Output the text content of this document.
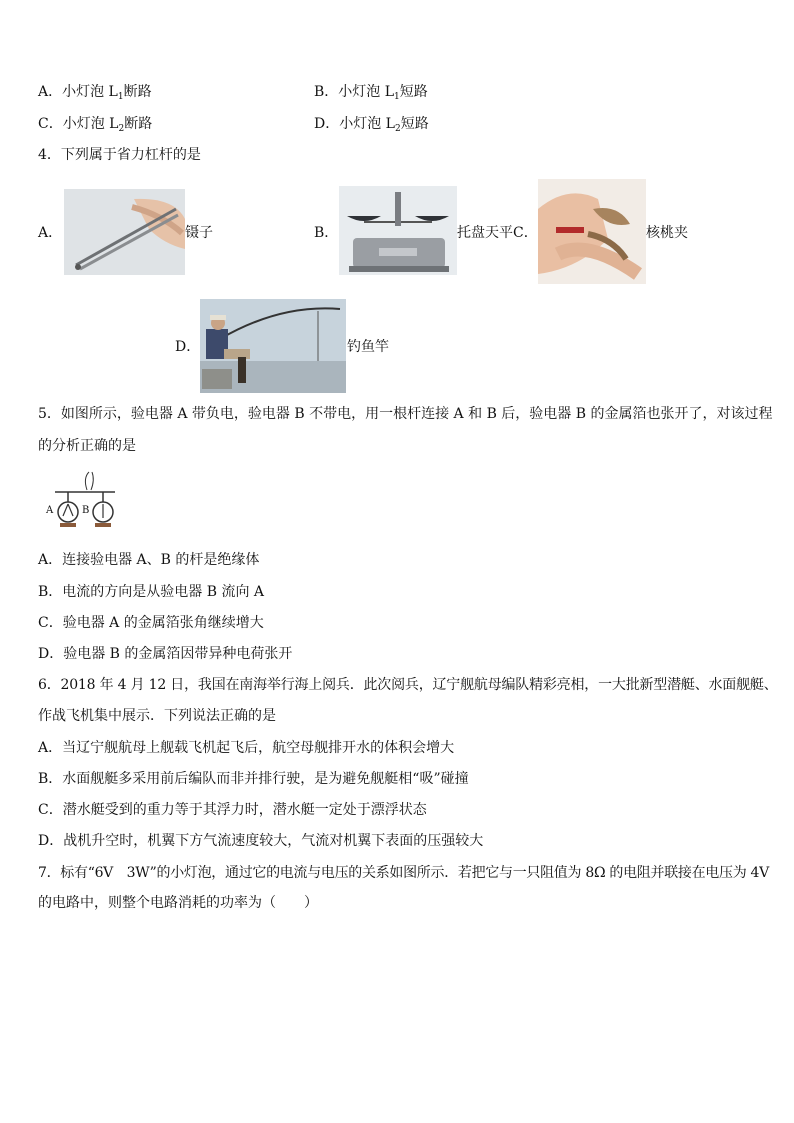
A．小灯泡 $L_1$断路	B．小灯泡 $L_1$短路
C．小灯泡 $L_2$断路	D．小灯泡 $L_2$短路
4．下列属于省力杠杆的是
A．	镊子	B．	托盘天平 C．	核桃夹
D．	钓鱼竿
5．如图所示，验电器 A 带负电，验电器 B 不带电，用一根杆连接 A 和 B 后，验电器 B 的金属箔也张开了，对该过程
的分析正确的是
A	B
A．连接验电器 A、B 的杆是绝缘体
B．电流的方向是从验电器 B 流向 A
C．验电器 A 的金属箔张角继续增大
D．验电器 B 的金属箔因带异种电荷张开
6．2018 年 4 月 12 日，我国在南海举行海上阅兵．此次阅兵，辽宁舰航母编队精彩亮相，一大批新型潜艇、水面舰艇、
作战飞机集中展示．下列说法正确的是
A．当辽宁舰航母上舰载飞机起飞后，航空母舰排开水的体积会增大
B．水面舰艇多采用前后编队而非并排行驶，是为避免舰艇相“吸”碰撞
C．潜水艇受到的重力等于其浮力时，潜水艇一定处于漂浮状态
D．战机升空时，机翼下方气流速度较大，气流对机翼下表面的压强较大
7．标有“6V　3W”的小灯泡，通过它的电流与电压的关系如图所示．若把它与一只阻值为 8Ω 的电阻并联接在电压为 4V
的电路中，则整个电路消耗的功率为（　　）
